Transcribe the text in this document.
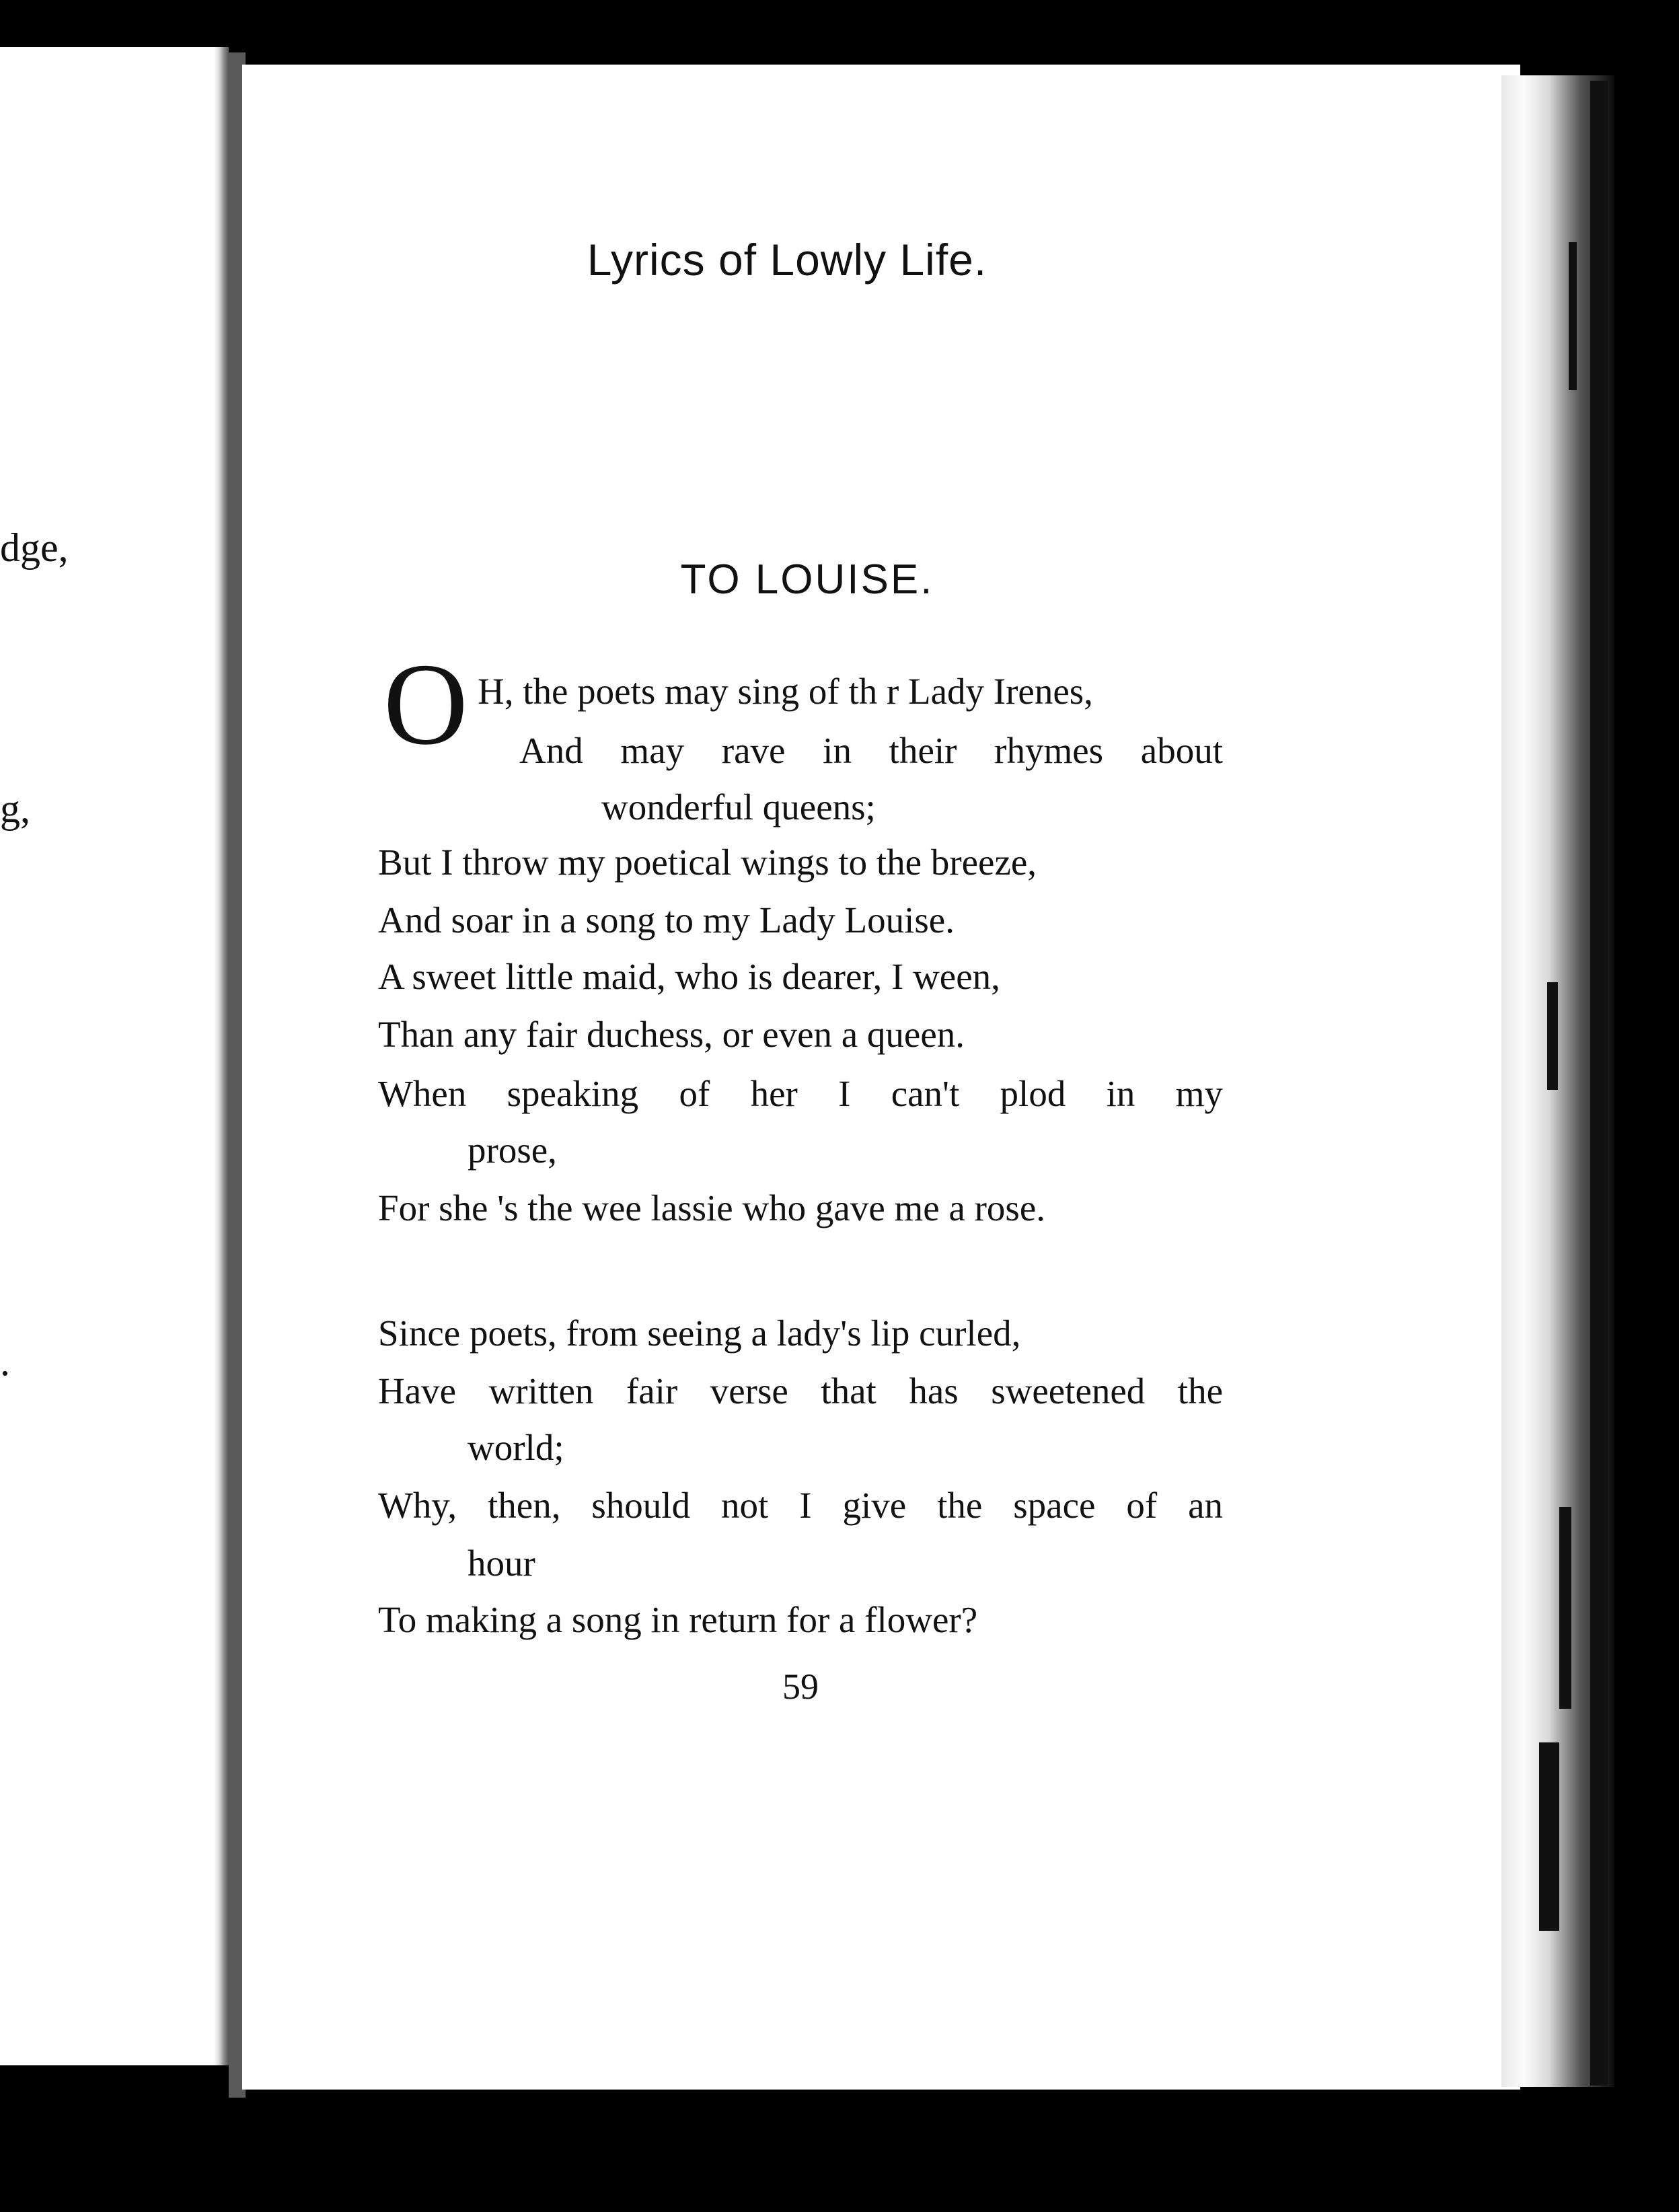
dge,
g,
.
Lyrics of Lowly Life.
TO LOUISE.
O H, the poets may sing of th r Lady Irenes,
And may rave in their rhymes about
wonderful queens;
But I throw my poetical wings to the breeze,
And soar in a song to my Lady Louise.
A sweet little maid, who is dearer, I ween,
Than any fair duchess, or even a queen.
When speaking of her I can't plod in my
prose,
For she 's the wee lassie who gave me a rose.
Since poets, from seeing a lady's lip curled,
Have written fair verse that has sweetened the
world;
Why, then, should not I give the space of an
hour
To making a song in return for a flower?
59
